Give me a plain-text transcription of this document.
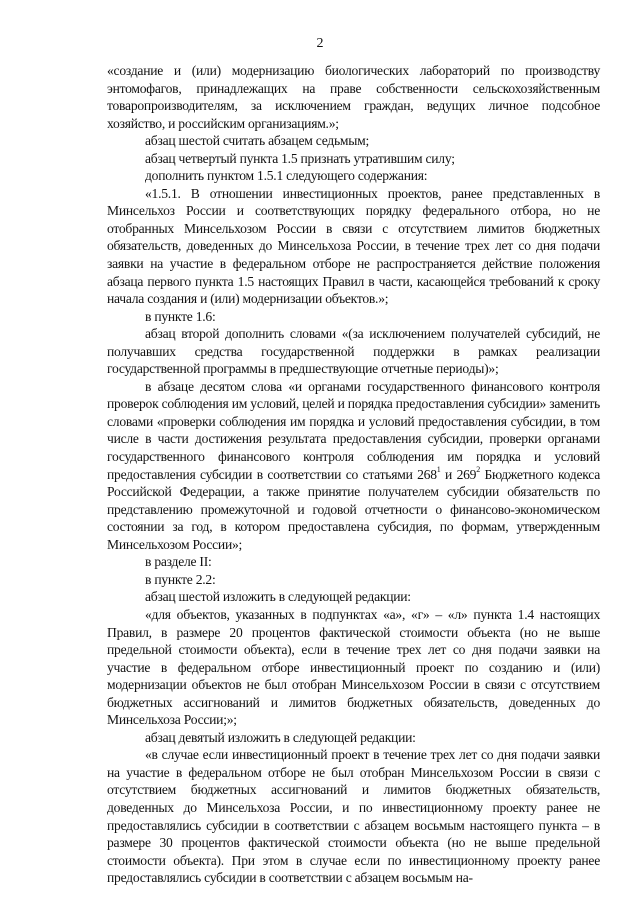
2

«создание и (или) модернизацию биологических лабораторий по производству энтомофагов, принадлежащих на праве собственности сельскохозяйственным товаропроизводителям, за исключением граждан, ведущих личное подсобное хозяйство, и российским организациям.»;

абзац шестой считать абзацем седьмым;

абзац четвертый пункта 1.5 признать утратившим силу;

дополнить пунктом 1.5.1 следующего содержания:

«1.5.1. В отношении инвестиционных проектов, ранее представленных в Минсельхоз России и соответствующих порядку федерального отбора, но не отобранных Минсельхозом России в связи с отсутствием лимитов бюджетных обязательств, доведенных до Минсельхоза России, в течение трех лет со дня подачи заявки на участие в федеральном отборе не распространяется действие положения абзаца первого пункта 1.5 настоящих Правил в части, касающейся требований к сроку начала создания и (или) модернизации объектов.»;

в пункте 1.6:

абзац второй дополнить словами «(за исключением получателей субсидий, не получавших средства государственной поддержки в рамках реализации государственной программы в предшествующие отчетные периоды)»;

в абзаце десятом слова «и органами государственного финансового контроля проверок соблюдения им условий, целей и порядка предоставления субсидии» заменить словами «проверки соблюдения им порядка и условий предоставления субсидии, в том числе в части достижения результата предоставления субсидии, проверки органами государственного финансового контроля соблюдения им порядка и условий предоставления субсидии в соответствии со статьями $268^1$ и $269^2$ Бюджетного кодекса Российской Федерации, а также принятие получателем субсидии обязательств по представлению промежуточной и годовой отчетности о финансово-экономическом состоянии за год, в котором предоставлена субсидия, по формам, утвержденным Минсельхозом России»;

в разделе II:

в пункте 2.2:

абзац шестой изложить в следующей редакции:

«для объектов, указанных в подпунктах «а», «г» – «л» пункта 1.4 настоящих Правил, в размере 20 процентов фактической стоимости объекта (но не выше предельной стоимости объекта), если в течение трех лет со дня подачи заявки на участие в федеральном отборе инвестиционный проект по созданию и (или) модернизации объектов не был отобран Минсельхозом России в связи с отсутствием бюджетных ассигнований и лимитов бюджетных обязательств, доведенных до Минсельхоза России;»;

абзац девятый изложить в следующей редакции:

«в случае если инвестиционный проект в течение трех лет со дня подачи заявки на участие в федеральном отборе не был отобран Минсельхозом России в связи с отсутствием бюджетных ассигнований и лимитов бюджетных обязательств, доведенных до Минсельхоза России, и по инвестиционному проекту ранее не предоставлялись субсидии в соответствии с абзацем восьмым настоящего пункта – в размере 30 процентов фактической стоимости объекта (но не выше предельной стоимости объекта). При этом в случае если по инвестиционному проекту ранее предоставлялись субсидии в соответствии с абзацем восьмым на-
